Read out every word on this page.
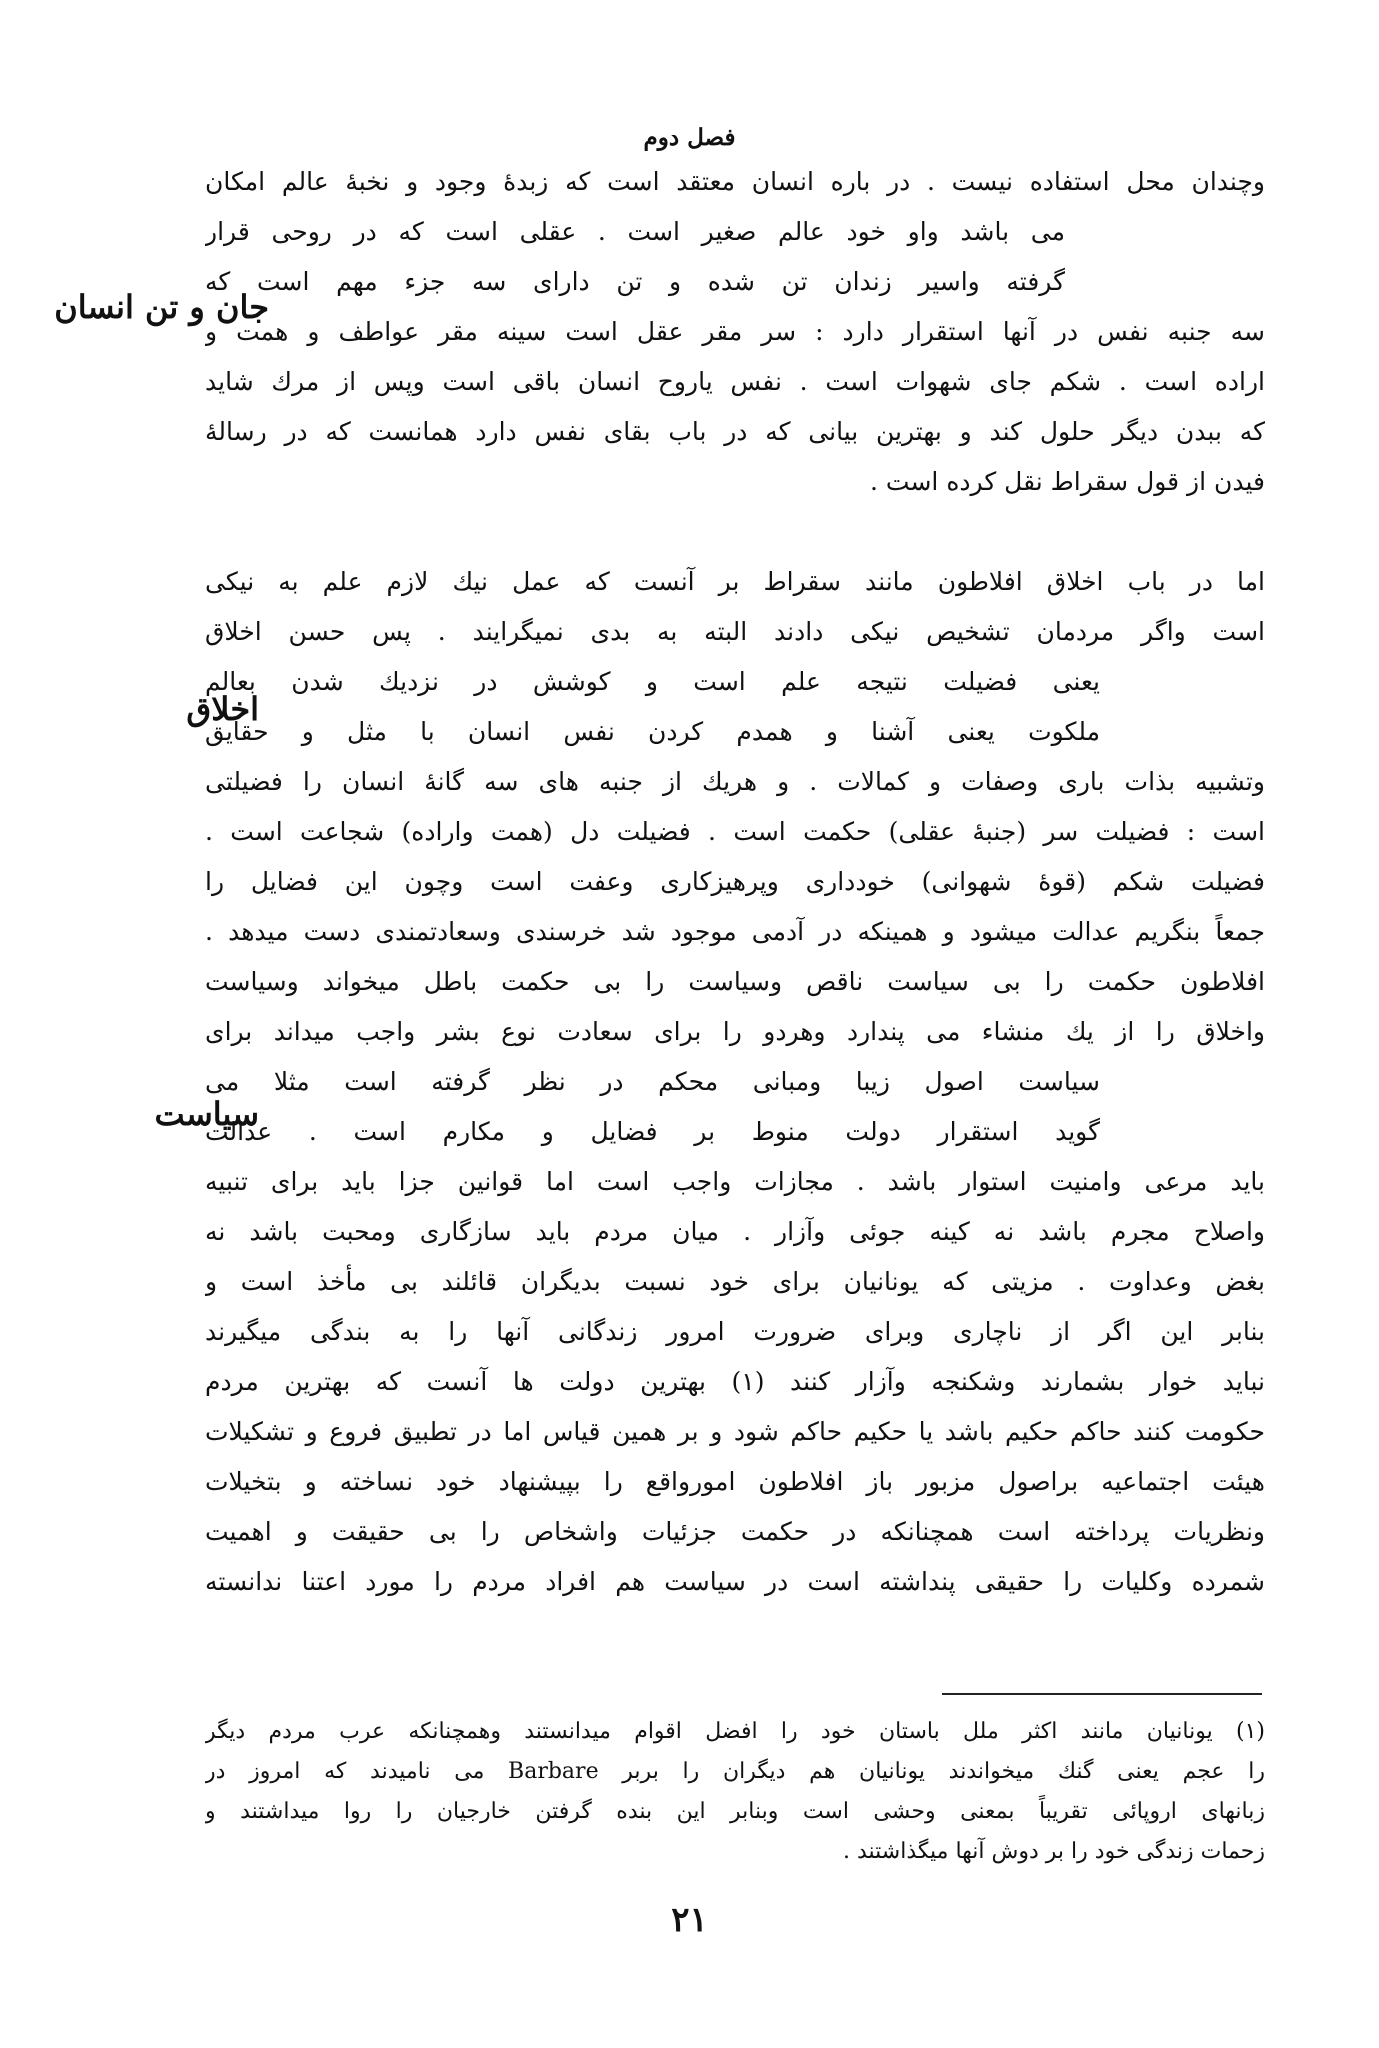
فصل دوم
وچندان محل استفاده نیست . در باره انسان معتقد است که زبدهٔ وجود و نخبهٔ عالم امکان
می باشد واو خود عالم صغیر است . عقلی است که در روحی قرار
گرفته واسیر زندان تن شده و تن دارای سه جزء مهم است که
سه جنبه نفس در آنها استقرار دارد : سر مقر عقل است سینه مقر عواطف و همت و
اراده است . شکم جای شهوات است . نفس یاروح انسان باقی است وپس از مرك شاید
که ببدن دیگر حلول کند و بهترین بیانی که در باب بقای نفس دارد همانست که در رسالهٔ
فیدن از قول سقراط نقل کرده است .
جان و تن انسان
اما در باب اخلاق افلاطون مانند سقراط بر آنست که عمل نیك لازم علم به نیکی
است واگر مردمان تشخیص نیکی دادند البته به بدی نمیگرایند . پس حسن اخلاق
یعنی فضیلت نتیجه علم است و کوشش در نزدیك شدن بعالم
ملکوت یعنی آشنا و همدم کردن نفس انسان با مثل و حقایق
وتشبیه بذات باری وصفات و کمالات . و هریك از جنبه های سه گانهٔ انسان را فضیلتی
است : فضیلت سر (جنبهٔ عقلی) حکمت است . فضیلت دل (همت واراده) شجاعت است .
فضیلت شکم (قوهٔ شهوانی) خودداری وپرهیزکاری وعفت است وچون این فضایل را
جمعاً بنگریم عدالت میشود و همینکه در آدمی موجود شد خرسندی وسعادتمندی دست میدهد .
اخلاق
افلاطون حکمت را بی سیاست ناقص وسیاست را بی حکمت باطل میخواند وسیاست
واخلاق را از یك منشاء می پندارد وهردو را برای سعادت نوع بشر واجب میداند برای
سیاست اصول زیبا ومبانی محکم در نظر گرفته است مثلا می
گوید استقرار دولت منوط بر فضایل و مکارم است . عدالت
باید مرعی وامنیت استوار باشد . مجازات واجب است اما قوانین جزا باید برای تنبیه
واصلاح مجرم باشد نه کینه جوئی وآزار . میان مردم باید سازگاری ومحبت باشد نه
بغض وعداوت . مزیتی که یونانیان برای خود نسبت بدیگران قائلند بی مأخذ است و
بنابر این اگر از ناچاری وبرای ضرورت امرور زندگانی آنها را به بندگی میگیرند
نباید خوار بشمارند وشکنجه وآزار کنند (۱) بهترین دولت ها آنست که بهترین مردم
حکومت کنند حاکم حکیم باشد یا حکیم حاکم شود و بر همین قیاس اما در تطبیق فروع و تشکیلات
هیئت اجتماعیه براصول مزبور باز افلاطون امورواقع را بپیشنهاد خود نساخته و بتخیلات
ونظریات پرداخته است همچنانکه در حکمت جزئیات واشخاص را بی حقیقت و اهمیت
شمرده وکلیات را حقیقی پنداشته است در سیاست هم افراد مردم را مورد اعتنا ندانسته
سیاست
(۱) یونانیان مانند اکثر ملل باستان خود را افضل اقوام میدانستند وهمچنانکه عرب مردم دیگر
را عجم یعنی گنك میخواندند یونانیان هم دیگران را بربر Barbare می نامیدند که امروز در
زبانهای اروپائی تقریباً بمعنی وحشی است وبنابر این بنده گرفتن خارجیان را روا میداشتند و
زحمات زندگی خود را بر دوش آنها میگذاشتند .
۲۱
